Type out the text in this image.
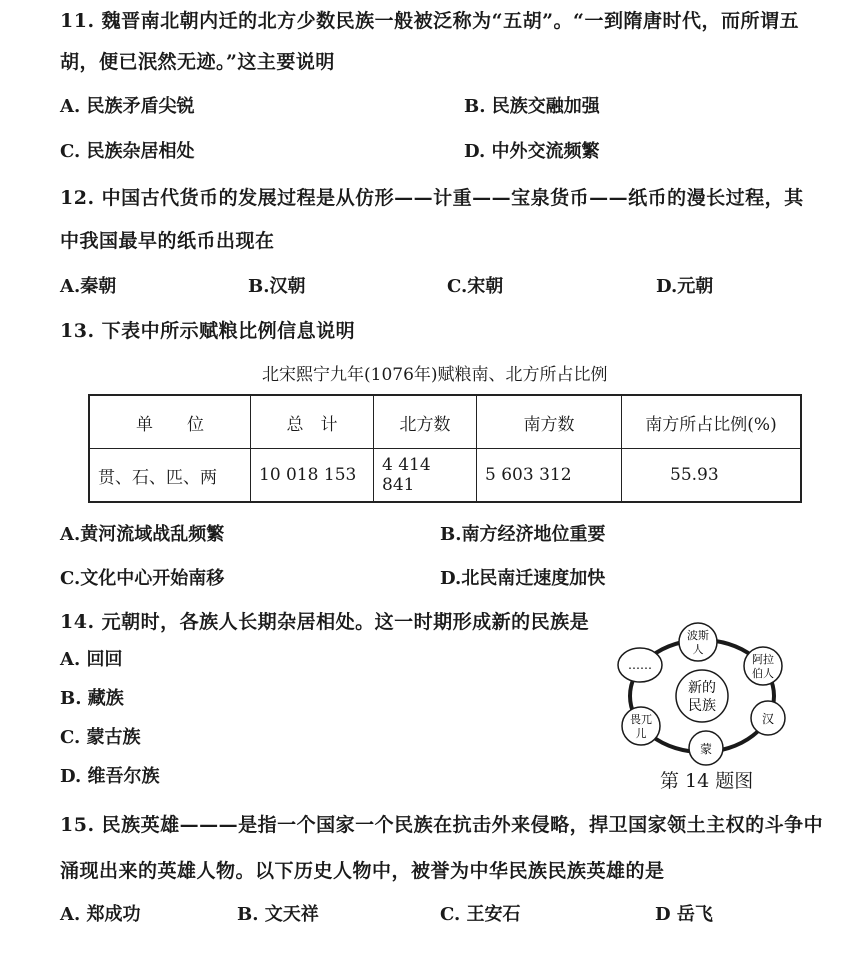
11. 魏晋南北朝内迁的北方少数民族一般被泛称为“五胡”。“一到隋唐时代，而所谓五
胡，便已泯然无迹。”这主要说明
A. 民族矛盾尖锐	B. 民族交融加强
C. 民族杂居相处	D. 中外交流频繁
12. 中国古代货币的发展过程是从仿形——计重——宝泉货币——纸币的漫长过程，其
中我国最早的纸币出现在
A.秦朝	B.汉朝	C.宋朝	D.元朝
13. 下表中所示赋粮比例信息说明
北宋熙宁九年(1076年)赋粮南、北方所占比例
单　　位	总　计	北方数	南方数	南方所占比例(%)
贯、石、匹、两	10 018 153	4 414 841	5 603 312	55.93
A.黄河流域战乱频繁	B.南方经济地位重要
C.文化中心开始南移	D.北民南迁速度加快
14. 元朝时，各族人长期杂居相处。这一时期形成新的民族是
A. 回回
B. 藏族
C. 蒙古族
D. 维吾尔族
新的
民族
波斯
人
阿拉
伯人
汉
蒙
畏兀
儿
……
第 14 题图
15. 民族英雄———是指一个国家一个民族在抗击外来侵略，捍卫国家领土主权的斗争中
涌现出来的英雄人物。以下历史人物中，被誉为中华民族民族英雄的是
A. 郑成功	B. 文天祥	C. 王安石	D 岳飞
